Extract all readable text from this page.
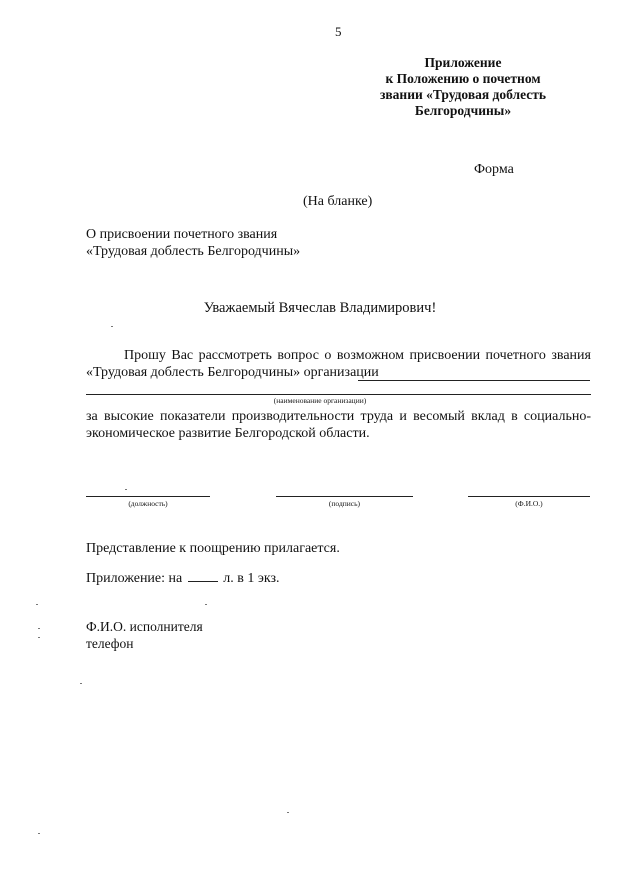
5
Приложение
к Положению о почетном
звании «Трудовая доблесть
Белгородчины»
Форма
(На бланке)
О присвоении почетного звания
«Трудовая доблесть Белгородчины»
Уважаемый Вячеслав Владимирович!
Прошу Вас рассмотреть вопрос о возможном присвоении почетного звания
«Трудовая доблесть Белгородчины» организации
(наименование организации)
за высокие показатели производительности труда и весомый вклад в социально-
экономическое развитие Белгородской области.
(должность)	(подпись)	(Ф.И.О.)
Представление к поощрению прилагается.
Приложение: на	л. в 1 экз.
Ф.И.О. исполнителя
телефон
